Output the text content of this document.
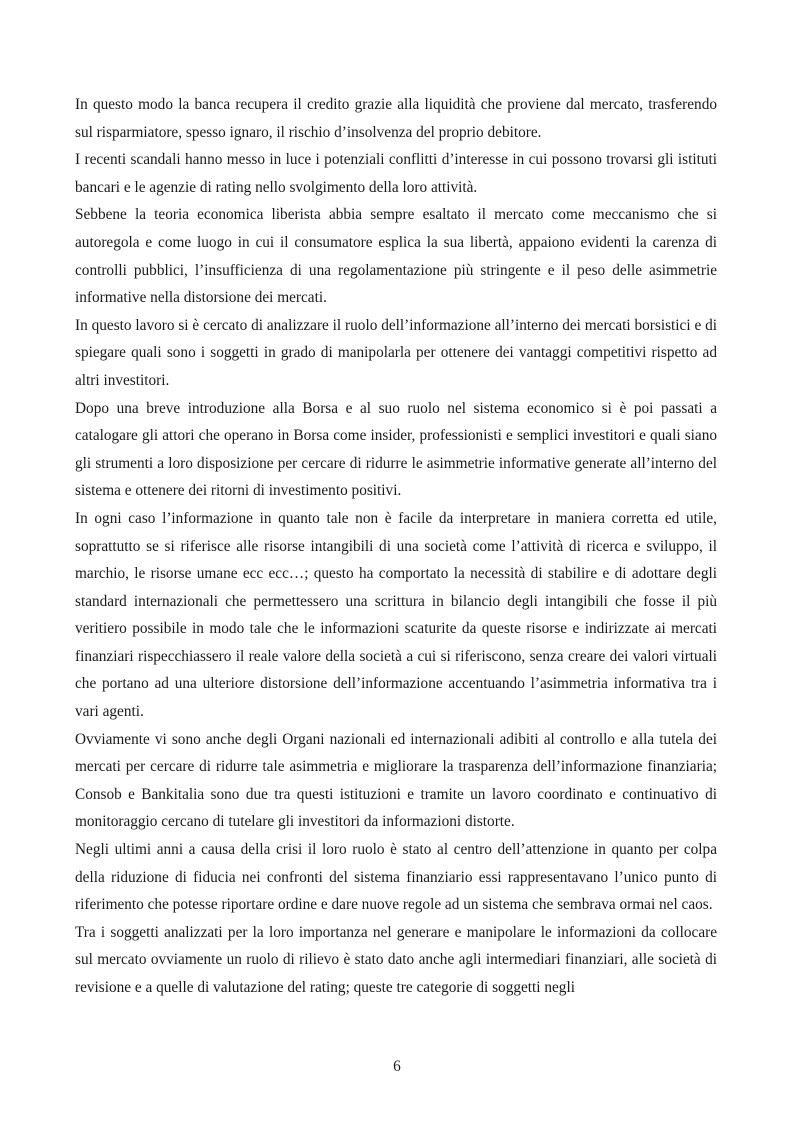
In questo modo la banca recupera il credito grazie alla liquidità che proviene dal mercato, trasferendo sul risparmiatore, spesso ignaro, il rischio d’insolvenza del proprio debitore.

I recenti scandali hanno messo in luce i potenziali conflitti d’interesse in cui possono trovarsi gli istituti bancari e le agenzie di rating nello svolgimento della loro attività.

Sebbene la teoria economica liberista abbia sempre esaltato il mercato come meccanismo che si autoregola e come luogo in cui il consumatore esplica la sua libertà, appaiono evidenti la carenza di controlli pubblici, l’insufficienza di una regolamentazione più stringente e il peso delle asimmetrie informative nella distorsione dei mercati.

In questo lavoro si è cercato di analizzare il ruolo dell’informazione all’interno dei mercati borsistici e di spiegare quali sono i soggetti in grado di manipolarla per ottenere dei vantaggi competitivi rispetto ad altri investitori.

Dopo una breve introduzione alla Borsa e al suo ruolo nel sistema economico si è poi passati a catalogare gli attori che operano in Borsa come insider, professionisti e semplici investitori e quali siano gli strumenti a loro disposizione per cercare di ridurre le asimmetrie informative generate all’interno del sistema e ottenere dei ritorni di investimento positivi.

In ogni caso l’informazione in quanto tale non è facile da interpretare in maniera corretta ed utile, soprattutto se si riferisce alle risorse intangibili di una società come l’attività di ricerca e sviluppo, il marchio, le risorse umane ecc ecc…; questo ha comportato la necessità di stabilire e di adottare degli standard internazionali che permettessero una scrittura in bilancio degli intangibili che fosse il più veritiero possibile in modo tale che le informazioni scaturite da queste risorse e indirizzate ai mercati finanziari rispecchiassero il reale valore della società a cui si riferiscono, senza creare dei valori virtuali che portano ad una ulteriore distorsione dell’informazione accentuando l’asimmetria informativa tra i vari agenti.

Ovviamente vi sono anche degli Organi nazionali ed internazionali adibiti al controllo e alla tutela dei mercati per cercare di ridurre tale asimmetria e migliorare la trasparenza dell’informazione finanziaria; Consob e Bankitalia sono due tra questi istituzioni e tramite un lavoro coordinato e continuativo di monitoraggio cercano di tutelare gli investitori da informazioni distorte.

Negli ultimi anni a causa della crisi il loro ruolo è stato al centro dell’attenzione in quanto per colpa della riduzione di fiducia nei confronti del sistema finanziario essi rappresentavano l’unico punto di riferimento che potesse riportare ordine e dare nuove regole ad un sistema che sembrava ormai nel caos.

Tra i soggetti analizzati per la loro importanza nel generare e manipolare le informazioni da collocare sul mercato ovviamente un ruolo di rilievo è stato dato anche agli intermediari finanziari, alle società di revisione e a quelle di valutazione del rating; queste tre categorie di soggetti negli

6
